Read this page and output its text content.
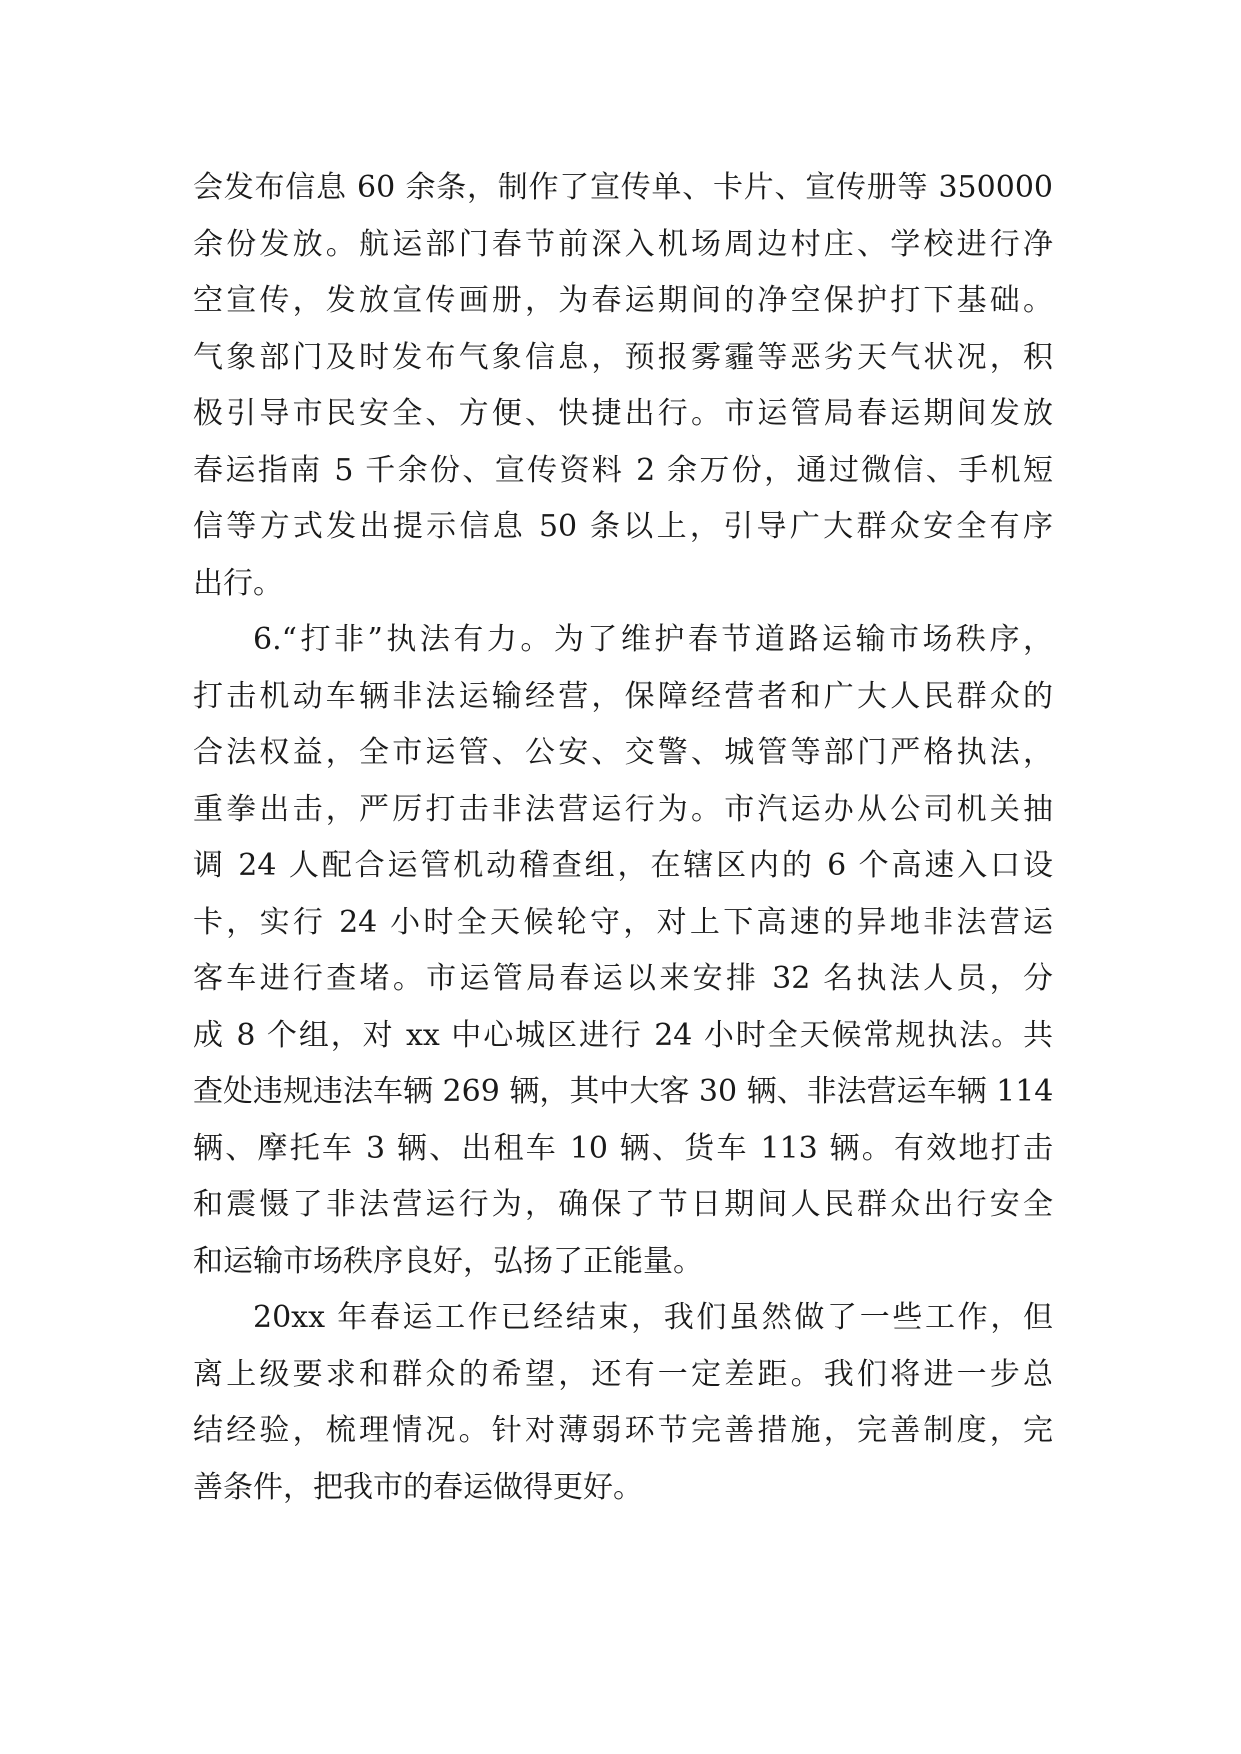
会发布信息 60 余条，制作了宣传单、卡片、宣传册等 350000
余份发放。航运部门春节前深入机场周边村庄、学校进行净
空宣传，发放宣传画册，为春运期间的净空保护打下基础。
气象部门及时发布气象信息，预报雾霾等恶劣天气状况，积
极引导市民安全、方便、快捷出行。市运管局春运期间发放
春运指南 5 千余份、宣传资料 2 余万份，通过微信、手机短
信等方式发出提示信息 50 条以上，引导广大群众安全有序
出行。
6.“打非”执法有力。为了维护春节道路运输市场秩序，
打击机动车辆非法运输经营，保障经营者和广大人民群众的
合法权益，全市运管、公安、交警、城管等部门严格执法，
重拳出击，严厉打击非法营运行为。市汽运办从公司机关抽
调 24 人配合运管机动稽查组，在辖区内的 6 个高速入口设
卡，实行 24 小时全天候轮守，对上下高速的异地非法营运
客车进行查堵。市运管局春运以来安排 32 名执法人员，分
成 8 个组，对 xx 中心城区进行 24 小时全天候常规执法。共
查处违规违法车辆 269 辆，其中大客 30 辆、非法营运车辆 114
辆、摩托车 3 辆、出租车 10 辆、货车 113 辆。有效地打击
和震慑了非法营运行为，确保了节日期间人民群众出行安全
和运输市场秩序良好，弘扬了正能量。
20xx 年春运工作已经结束，我们虽然做了一些工作，但
离上级要求和群众的希望，还有一定差距。我们将进一步总
结经验，梳理情况。针对薄弱环节完善措施，完善制度，完
善条件，把我市的春运做得更好。
